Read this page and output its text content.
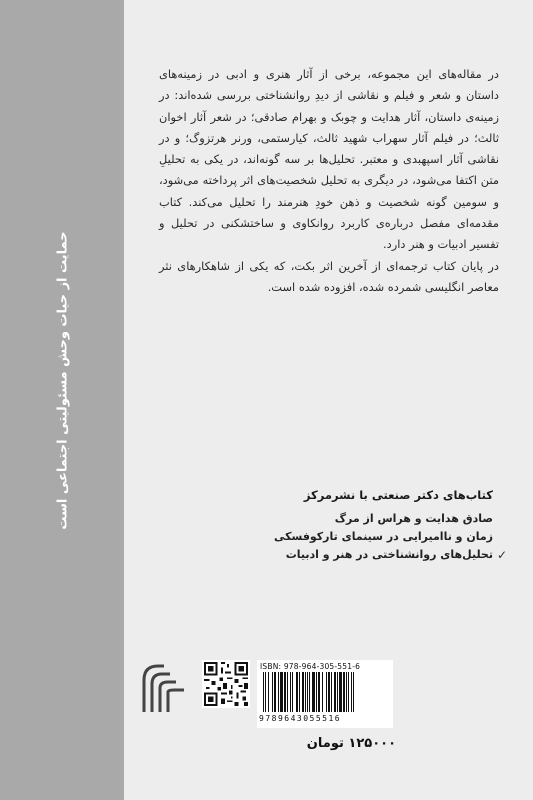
حمایت از حیات وحش مسئولیتی اجتماعی است

در مقاله‌های این مجموعه، برخی از آثار هنری و ادبی در زمینه‌های داستان و شعر و فیلم و نقاشی از دیدِ روانشناختی بررسی شده‌اند: در زمینه‌ی داستان، آثار هدایت و چوبک و بهرام صادقی؛ در شعر آثار اخوان ثالث؛ در فیلم آثار سهراب شهید ثالث، کیارستمی، ورنر هرتزوگ؛ و در نقاشی آثار اسپهبدی و معتبر. تحلیل‌ها بر سه گونه‌اند، در یکی به تحلیلِ متن اکتفا می‌شود، در دیگری به تحلیل شخصیت‌های اثر پرداخته می‌شود، و سومین گونه شخصیت و ذهن خودِ هنرمند را تحلیل می‌کند. کتاب مقدمه‌ای مفصل درباره‌ی کاربرد روانکاوی و ساختشکنی در تحلیل و تفسیر ادبیات و هنر دارد.

در پایان کتاب ترجمه‌ای از آخرین اثر بکت، که یکی از شاهکارهای نثر معاصر انگلیسی شمرده شده، افزوده شده است.

کتاب‌های دکتر صنعتی با نشرمرکز
صادق هدایت و هراس از مرگ
زمان و ناامیرایی در سینمای تارکوفسکی
✓
تحلیل‌های روانشناختی در هنر و ادبیات
ISBN: 978-964-305-551-6
9789643055516
۱۲۵۰۰۰ تومان
